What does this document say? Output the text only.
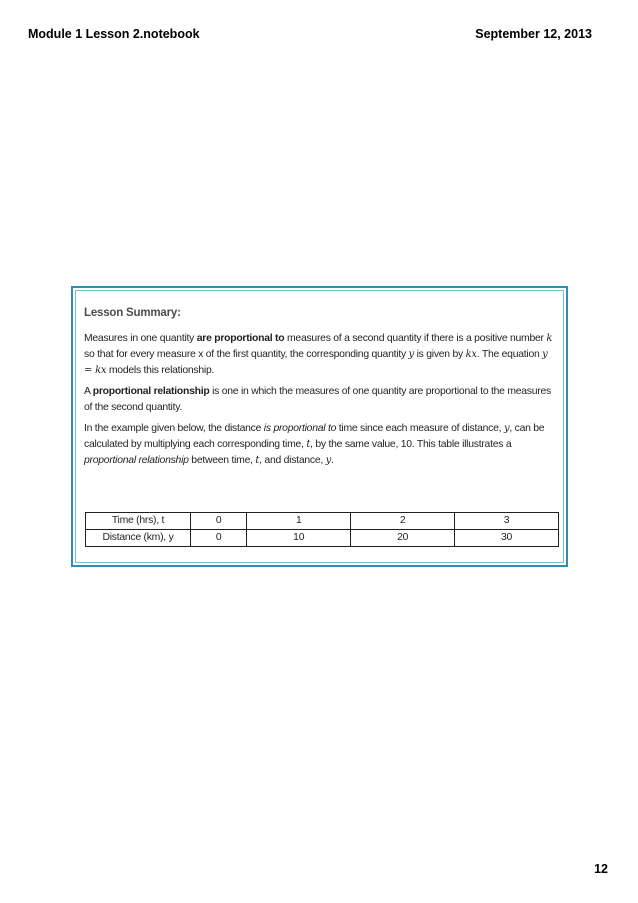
Module 1 Lesson 2.notebook	September 12, 2013
Lesson Summary:
Measures in one quantity are proportional to measures of a second quantity if there is a positive number k so that for every measure x of the first quantity, the corresponding quantity y is given by kx. The equation y = kx models this relationship.
A proportional relationship is one in which the measures of one quantity are proportional to the measures of the second quantity.
In the example given below, the distance is proportional to time since each measure of distance, y, can be calculated by multiplying each corresponding time, t, by the same value, 10. This table illustrates a proportional relationship between time, t, and distance, y.
Time (hrs), t	0	1	2	3
Distance (km), y	0	10	20	30
12
